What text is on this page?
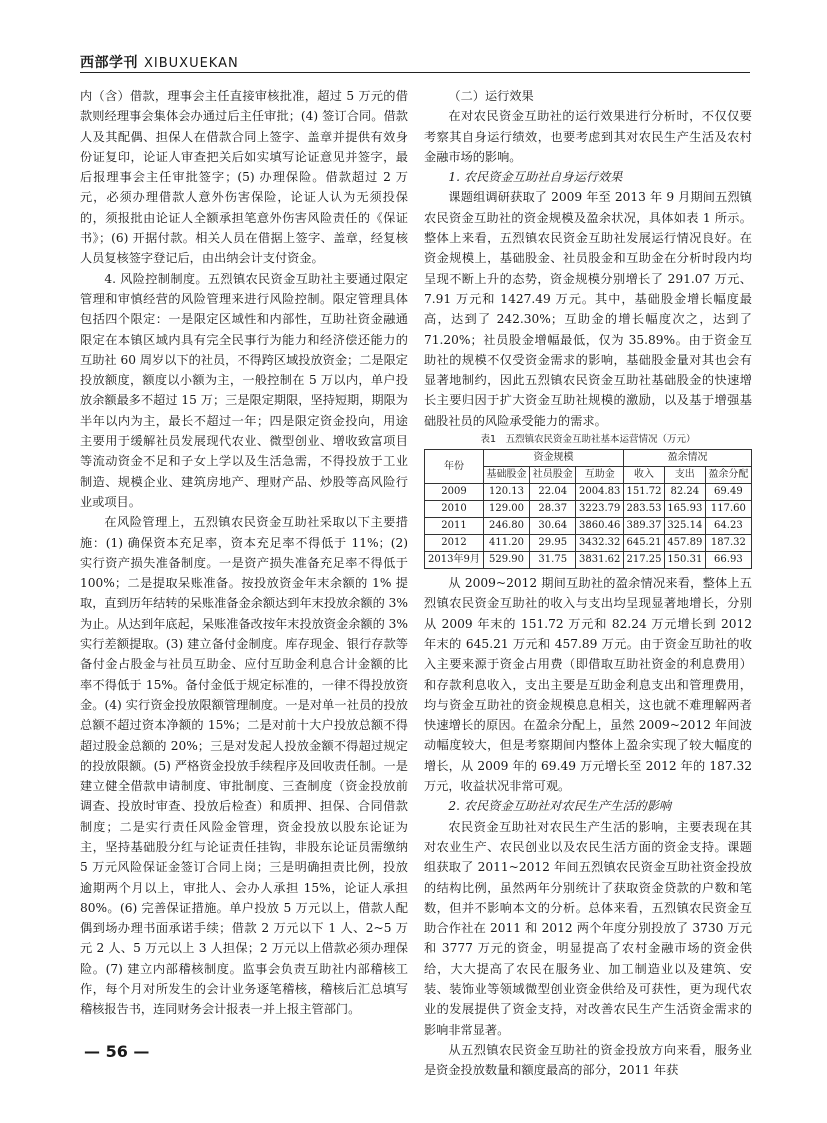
西部学刊 XIBUXUEKAN

内（含）借款，理事会主任直接审核批准，超过 5 万元的借款则经理事会集体会办通过后主任审批；(4) 签订合同。借款人及其配偶、担保人在借款合同上签字、盖章并提供有效身份证复印，论证人审查把关后如实填写论证意见并签字，最后报理事会主任审批签字；(5) 办理保险。借款超过 2 万元，必须办理借款人意外伤害保险，论证人认为无须投保的，须报批由论证人全额承担笔意外伤害风险责任的《保证书》；(6) 开据付款。相关人员在借据上签字、盖章，经复核人员复核签字登记后，由出纳会计支付资金。

4. 风险控制制度。五烈镇农民资金互助社主要通过限定管理和审慎经营的风险管理来进行风险控制。限定管理具体包括四个限定：一是限定区域性和内部性，互助社资金融通限定在本镇区域内具有完全民事行为能力和经济偿还能力的互助社 60 周岁以下的社员，不得跨区域投放资金；二是限定投放额度，额度以小额为主，一般控制在 5 万以内，单户投放余额最多不超过 15 万；三是限定期限，坚持短期，期限为半年以内为主，最长不超过一年；四是限定资金投向，用途主要用于缓解社员发展现代农业、微型创业、增收致富项目等流动资金不足和子女上学以及生活急需，不得投放于工业制造、规模企业、建筑房地产、理财产品、炒股等高风险行业或项目。

在风险管理上，五烈镇农民资金互助社采取以下主要措施：(1) 确保资本充足率，资本充足率不得低于 11%；(2) 实行资产损失准备制度。一是资产损失准备充足率不得低于 100%；二是提取呆账准备。按投放资金年末余额的 1% 提取，直到历年结转的呆账准备金余额达到年末投放余额的 3% 为止。从达到年底起，呆账准备改按年末投放资金余额的 3% 实行差额提取。(3) 建立备付金制度。库存现金、银行存款等备付金占股金与社员互助金、应付互助金利息合计金额的比率不得低于 15%。备付金低于规定标准的，一律不得投放资金。(4) 实行资金投放限额管理制度。一是对单一社员的投放总额不超过资本净额的 15%；二是对前十大户投放总额不得超过股金总额的 20%；三是对发起人投放金额不得超过规定的投放限额。(5) 严格资金投放手续程序及回收责任制。一是建立健全借款申请制度、审批制度、三查制度（资金投放前调查、投放时审查、投放后检查）和质押、担保、合同借款制度；二是实行责任风险金管理，资金投放以股东论证为主，坚持基础股分红与论证责任挂钩，非股东论证员需缴纳 5 万元风险保证金签订合同上岗；三是明确担责比例，投放逾期两个月以上，审批人、会办人承担 15%，论证人承担 80%。(6) 完善保证措施。单户投放 5 万元以上，借款人配偶到场办理书面承诺手续；借款 2 万元以下 1 人、2~5 万元 2 人、5 万元以上 3 人担保；2 万元以上借款必须办理保险。(7) 建立内部稽核制度。监事会负责互助社内部稽核工作，每个月对所发生的会计业务逐笔稽核，稽核后汇总填写稽核报告书，连同财务会计报表一并上报主管部门。

（二）运行效果

在对农民资金互助社的运行效果进行分析时，不仅仅要考察其自身运行绩效，也要考虑到其对农民生产生活及农村金融市场的影响。

1. 农民资金互助社自身运行效果

课题组调研获取了 2009 年至 2013 年 9 月期间五烈镇农民资金互助社的资金规模及盈余状况，具体如表 1 所示。整体上来看，五烈镇农民资金互助社发展运行情况良好。在资金规模上，基础股金、社员股金和互助金在分析时段内均呈现不断上升的态势，资金规模分别增长了 291.07 万元、7.91 万元和 1427.49 万元。其中，基础股金增长幅度最高，达到了 242.30%；互助金的增长幅度次之，达到了 71.20%；社员股金增幅最低，仅为 35.89%。由于资金互助社的规模不仅受资金需求的影响，基础股金量对其也会有显著地制约，因此五烈镇农民资金互助社基础股金的快速增长主要归因于扩大资金互助社规模的激励，以及基于增强基础股社员的风险承受能力的需求。

表1　五烈镇农民资金互助社基本运营情况（万元）
年份	资金规模			盈余情况		
	基础股金	社员股金	互助金	收入	支出	盈余分配
2009	120.13	22.04	2004.83	151.72	82.24	69.49
2010	129.00	28.37	3223.79	283.53	165.93	117.60
2011	246.80	30.64	3860.46	389.37	325.14	64.23
2012	411.20	29.95	3432.32	645.21	457.89	187.32
2013年9月	529.90	31.75	3831.62	217.25	150.31	66.93

从 2009~2012 期间互助社的盈余情况来看，整体上五烈镇农民资金互助社的收入与支出均呈现显著地增长，分别从 2009 年末的 151.72 万元和 82.24 万元增长到 2012 年末的 645.21 万元和 457.89 万元。由于资金互助社的收入主要来源于资金占用费（即借取互助社资金的利息费用）和存款利息收入，支出主要是互助金利息支出和管理费用，均与资金互助社的资金规模息息相关，这也就不难理解两者快速增长的原因。在盈余分配上，虽然 2009~2012 年间波动幅度较大，但是考察期间内整体上盈余实现了较大幅度的增长，从 2009 年的 69.49 万元增长至 2012 年的 187.32 万元，收益状况非常可观。

2. 农民资金互助社对农民生产生活的影响

农民资金互助社对农民生产生活的影响，主要表现在其对农业生产、农民创业以及农民生活方面的资金支持。课题组获取了 2011~2012 年间五烈镇农民资金互助社资金投放的结构比例，虽然两年分别统计了获取资金贷款的户数和笔数，但并不影响本文的分析。总体来看，五烈镇农民资金互助合作社在 2011 和 2012 两个年度分别投放了 3730 万元和 3777 万元的资金，明显提高了农村金融市场的资金供给，大大提高了农民在服务业、加工制造业以及建筑、安装、装饰业等领域微型创业资金供给及可获性，更为现代农业的发展提供了资金支持，对改善农民生产生活资金需求的影响非常显著。

从五烈镇农民资金互助社的资金投放方向来看，服务业是资金投放数量和额度最高的部分，2011 年获

— 56 —
